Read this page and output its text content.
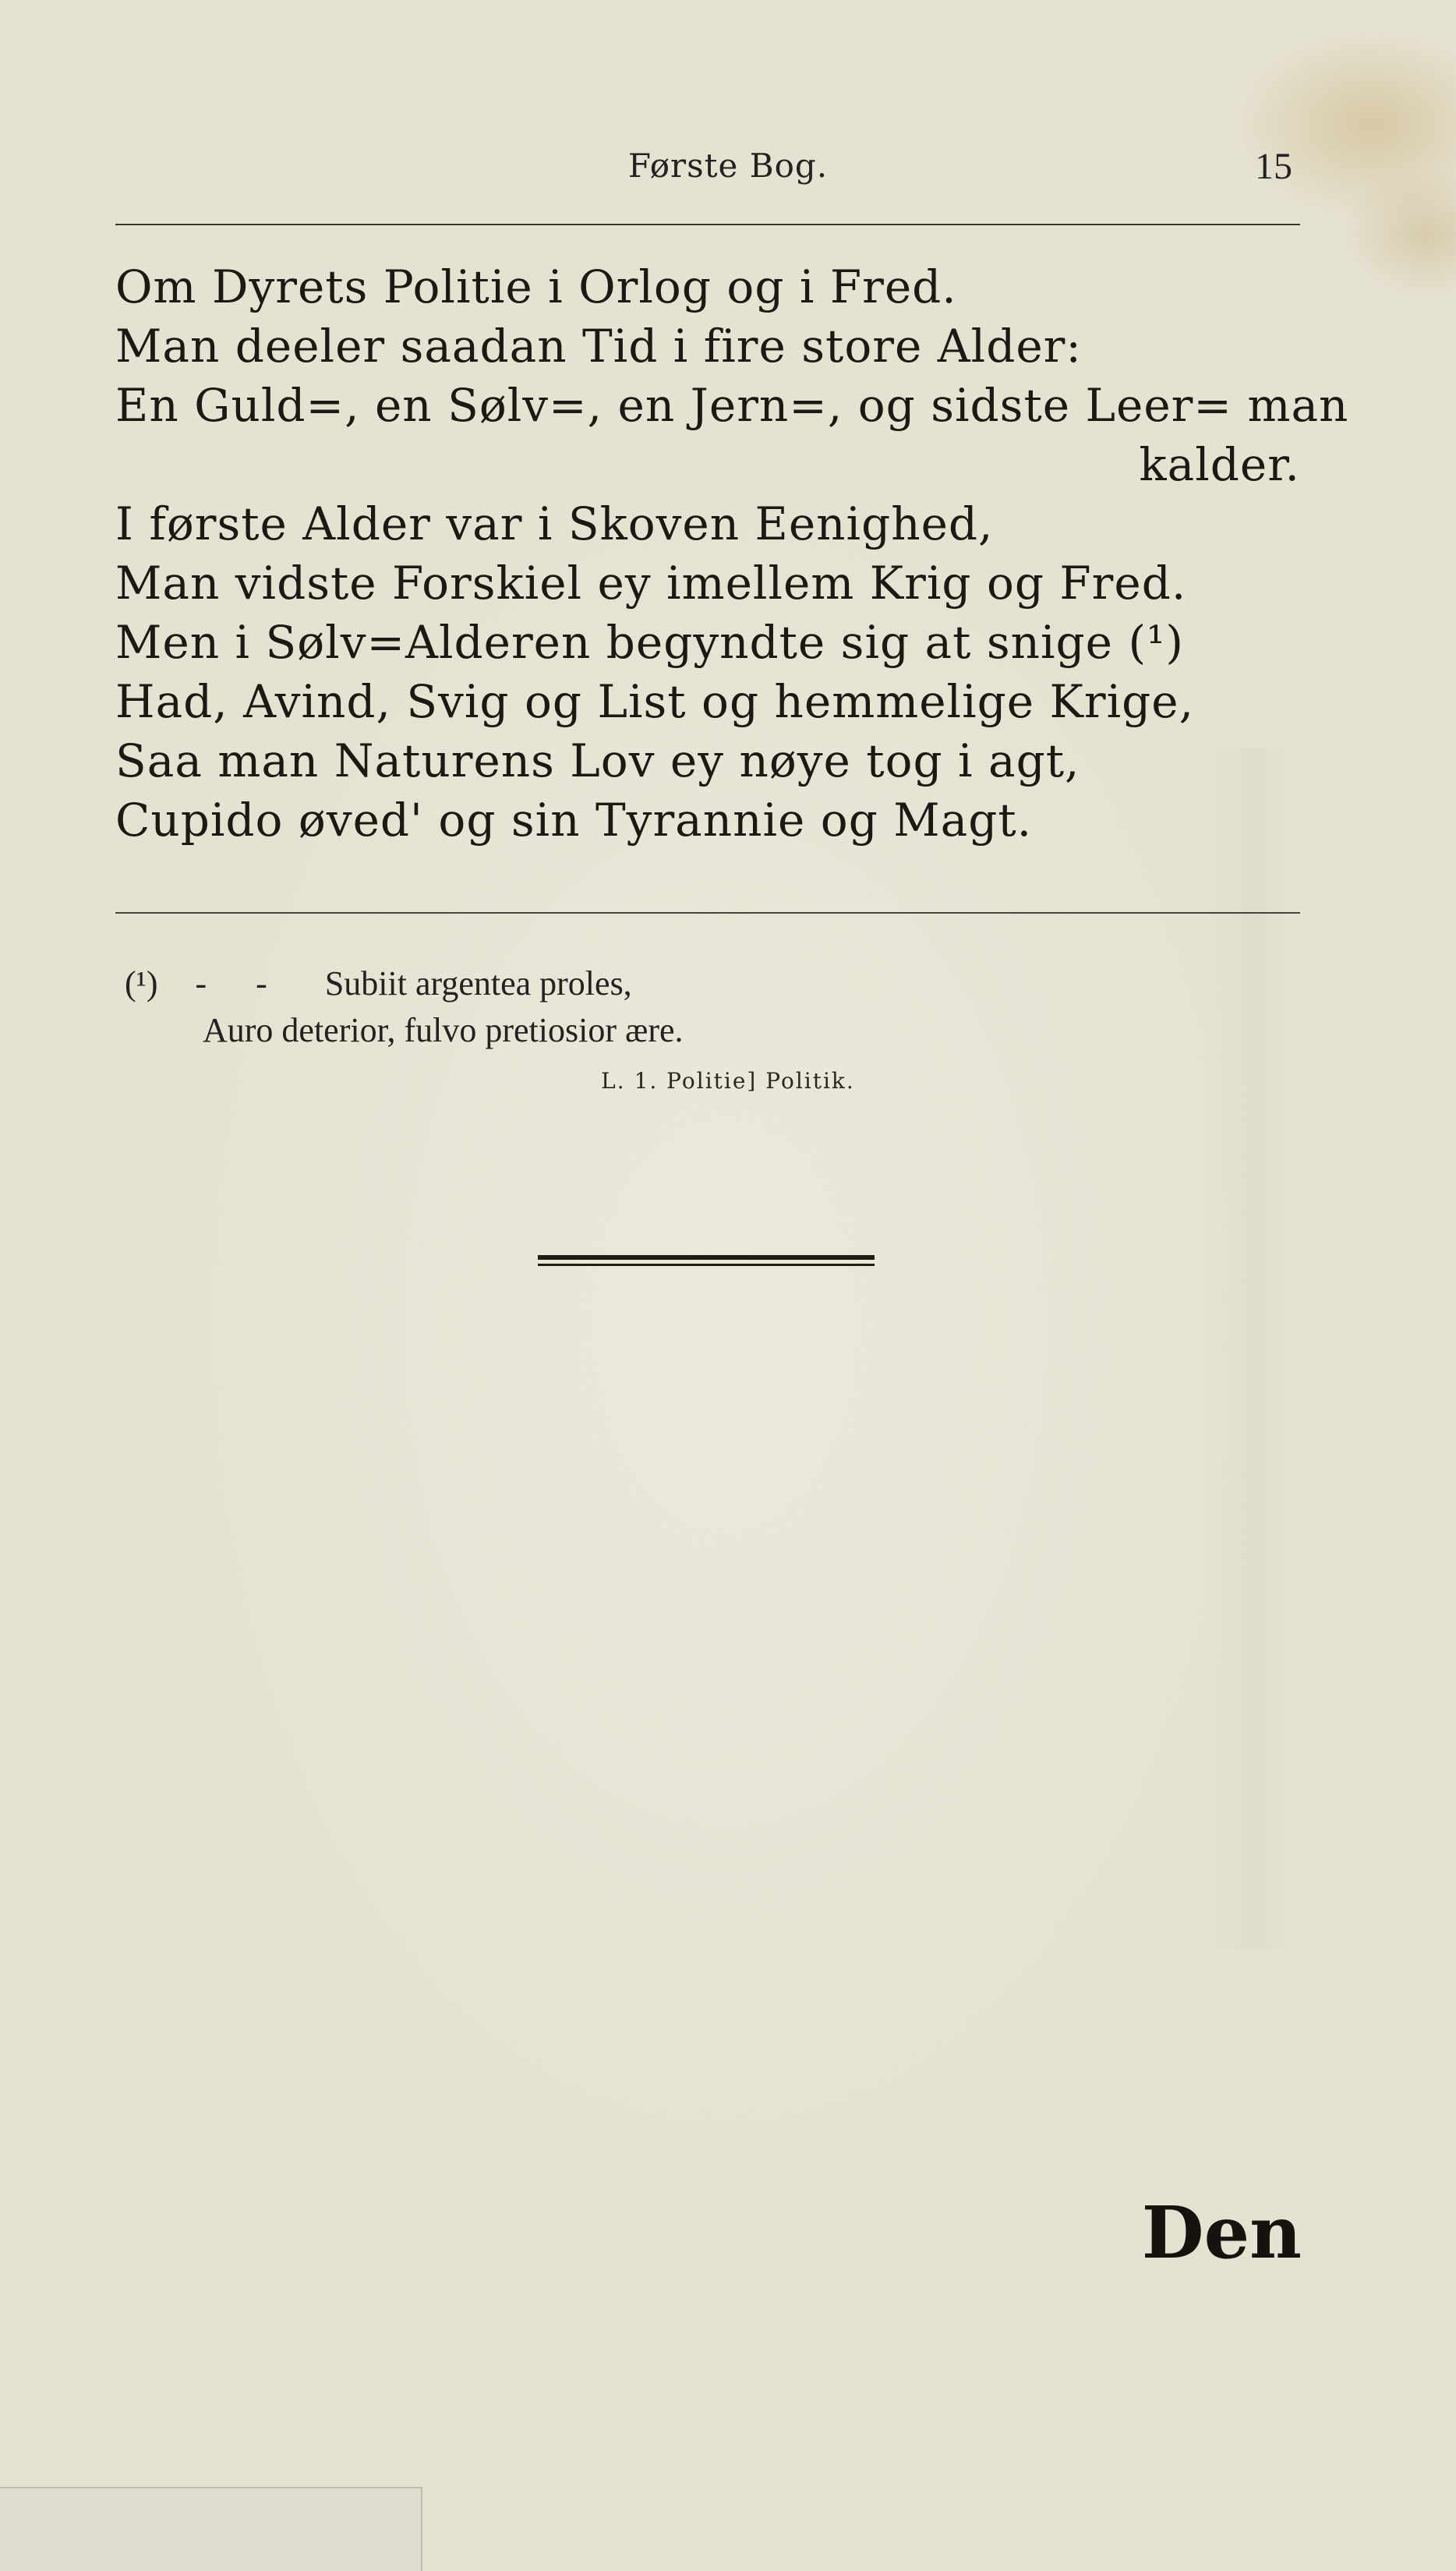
Første Bog.	15
Om Dyrets Politie i Orlog og i Fred.
Man deeler saadan Tid i fire store Alder:
En Guld=, en Sølv=, en Jern=, og sidste Leer= man
kalder.
I første Alder var i Skoven Eenighed,
Man vidste Forskiel ey imellem Krig og Fred.
Men i Sølv=Alderen begyndte sig at snige (¹)
Had, Avind, Svig og List og hemmelige Krige,
Saa man Naturens Lov ey nøye tog i agt,
Cupido øved' og sin Tyrannie og Magt.
(¹) - - Subiit argentea proles,
Auro deterior, fulvo pretiosior ære.
L. 1. Politie] Politik.
Den
